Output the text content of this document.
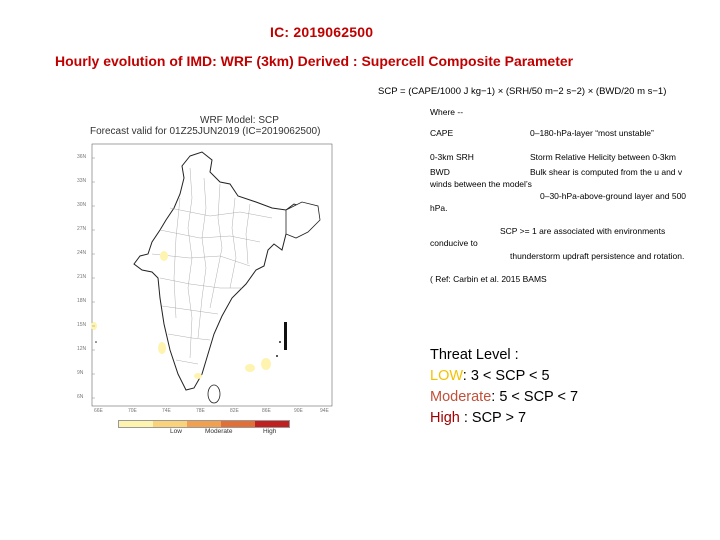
IC: 2019062500
Hourly evolution of IMD: WRF (3km) Derived : Supercell Composite Parameter
SCP = (CAPE/1000 J kg−1) × (SRH/50 m−2 s−2) × (BWD/20 m s−1)
Where --
CAPE	0–180-hPa-layer “most unstable”
0-3km SRH	Storm Relative Helicity between 0-3km
BWD	Bulk shear is computed from the u and v
winds between the model’s
0–30-hPa-above-ground layer and 500
hPa.
SCP >= 1 are associated with environments
conducive to
thunderstorm updraft persistence and rotation.
( Ref: Carbin et al. 2015 BAMS
Threat Level :
LOW: 3 < SCP < 5
Moderate: 5 < SCP < 7
High : SCP > 7
WRF Model: SCP
Forecast valid for 01Z25JUN2019 (IC=2019062500)
36N
33N
30N
27N
24N
21N
18N
15N
12N
9N
6N
66E	70E	74E	78E	82E	86E	90E	94E
Low	Moderate	High
